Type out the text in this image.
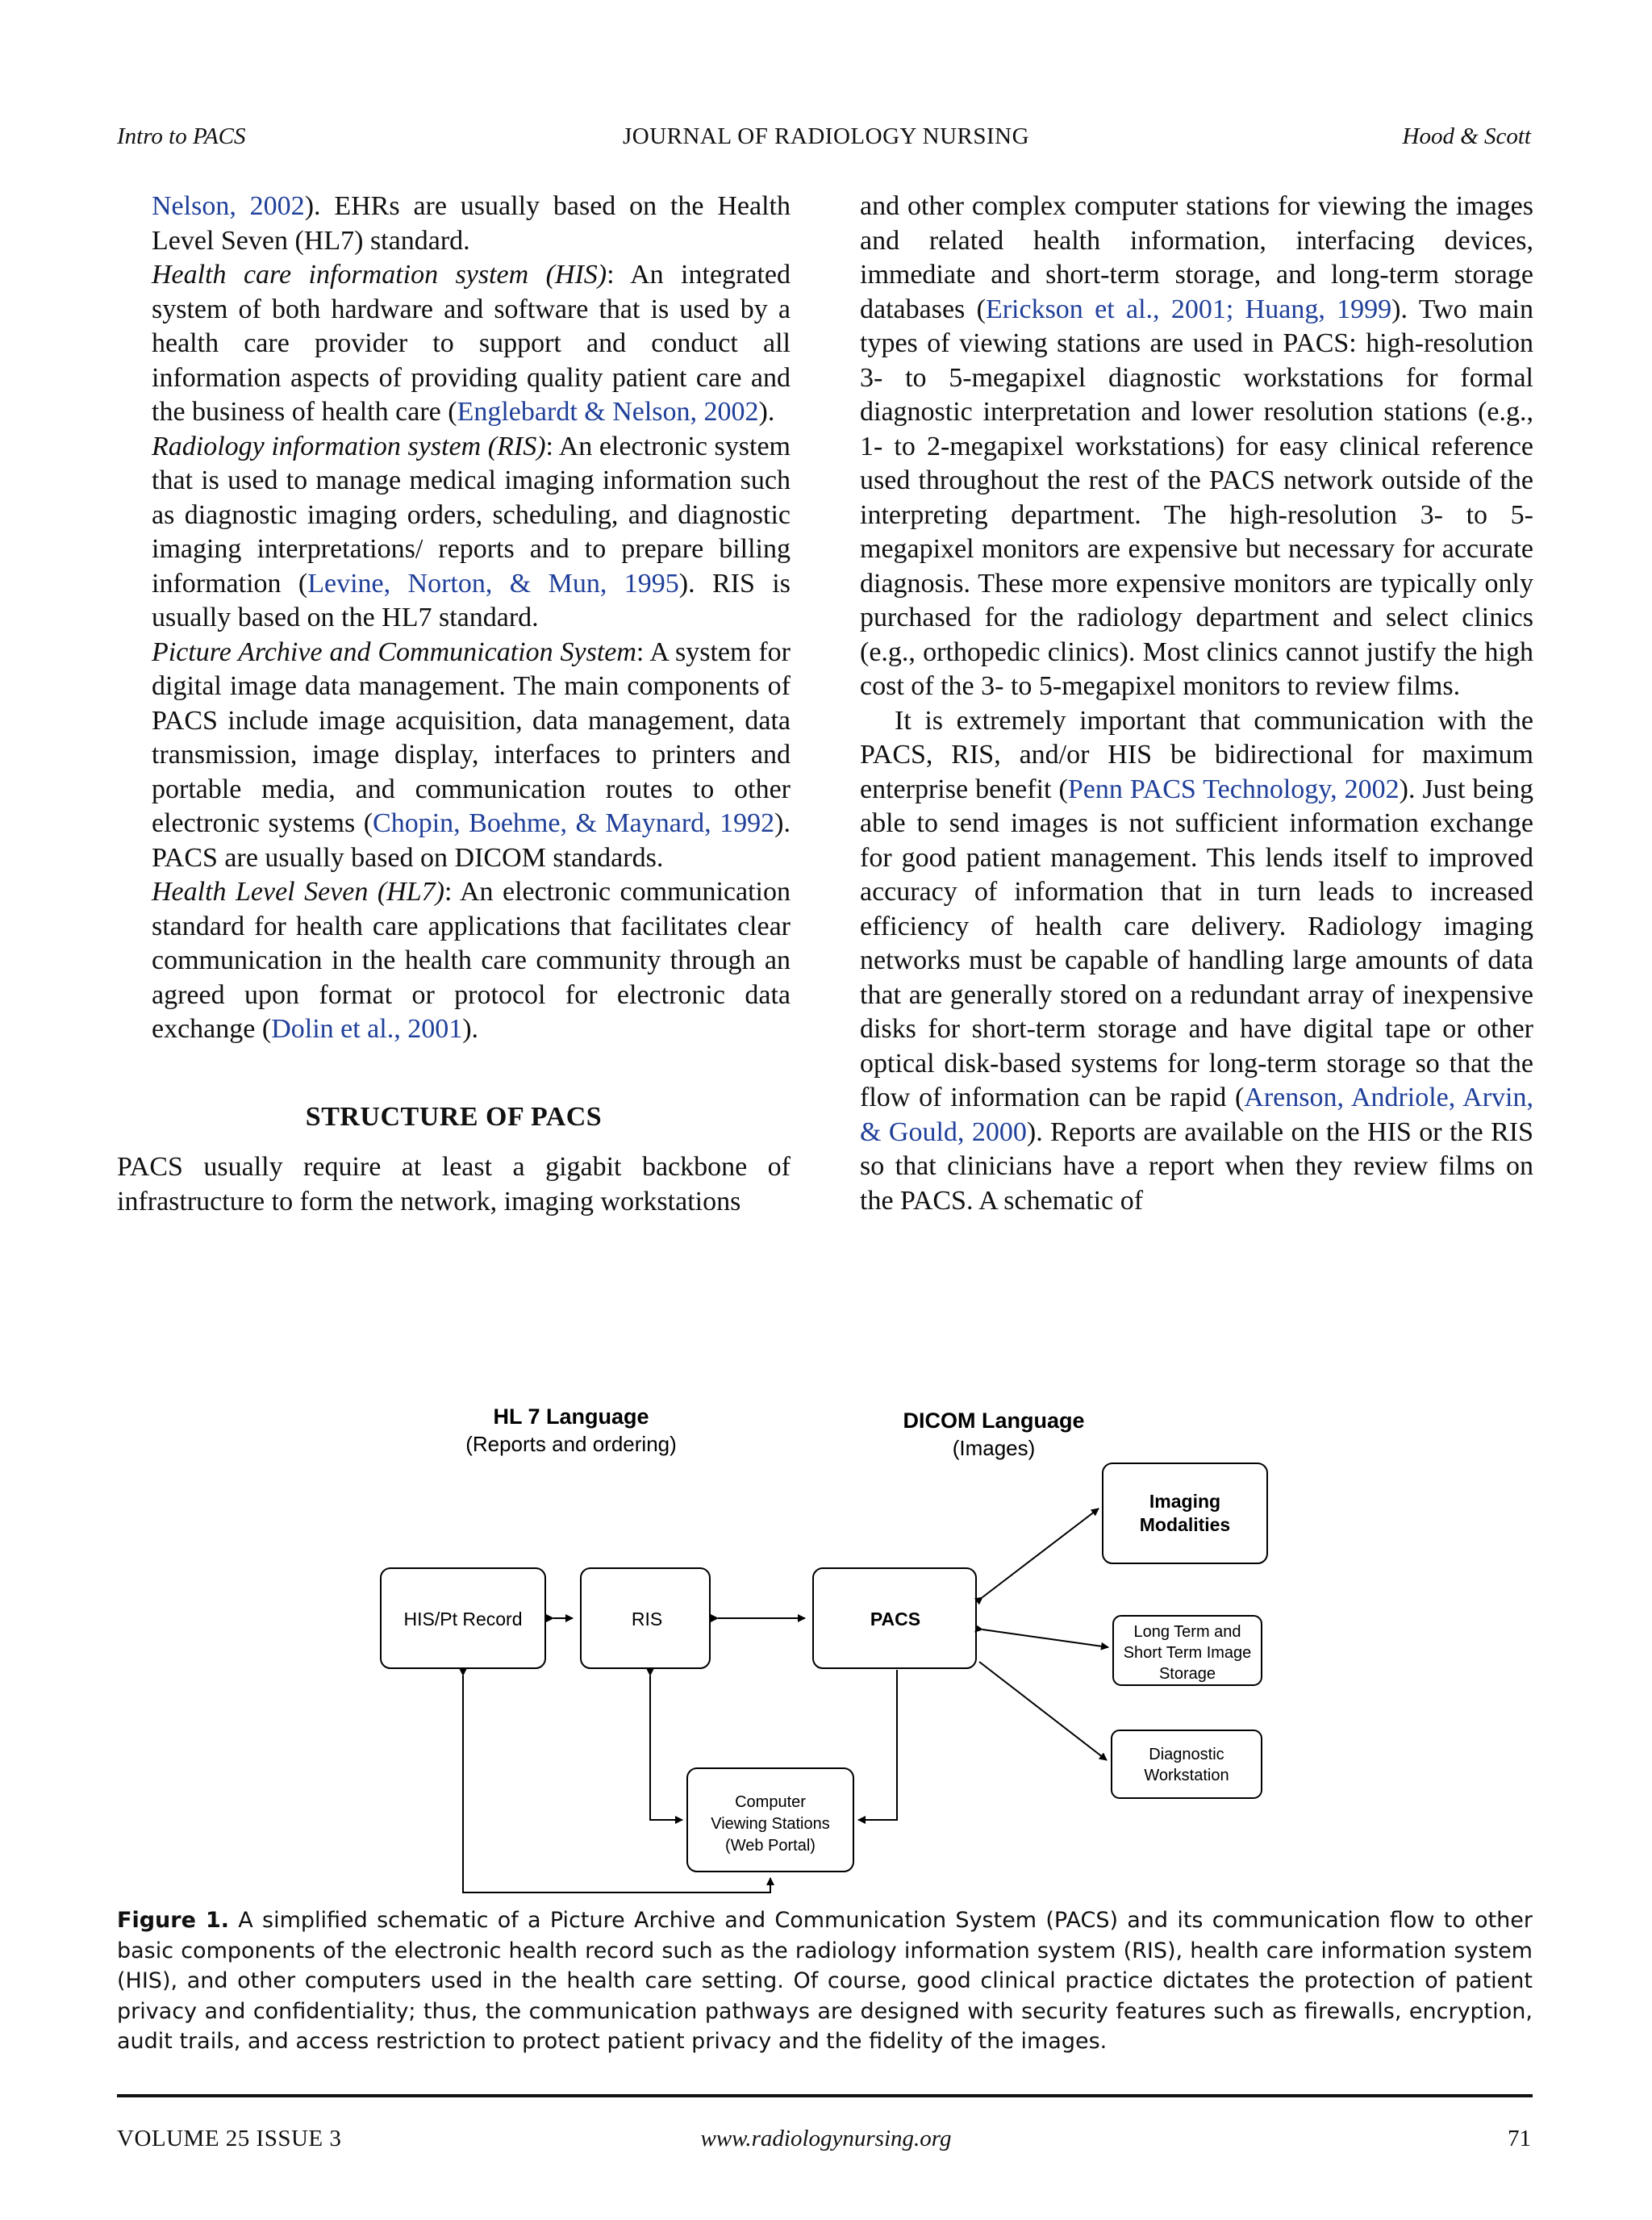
Intro to PACS	JOURNAL OF RADIOLOGY NURSING	Hood & Scott

Nelson, 2002). EHRs are usually based on the Health Level Seven (HL7) standard.

Health care information system (HIS): An integrated system of both hardware and software that is used by a health care provider to support and conduct all information aspects of providing quality patient care and the business of health care (Englebardt & Nelson, 2002).

Radiology information system (RIS): An electronic system that is used to manage medical imaging information such as diagnostic imaging orders, scheduling, and diagnostic imaging interpretations/ reports and to prepare billing information (Levine, Norton, & Mun, 1995). RIS is usually based on the HL7 standard.

Picture Archive and Communication System: A system for digital image data management. The main components of PACS include image acquisition, data management, data transmission, image display, interfaces to printers and portable media, and communication routes to other electronic systems (Chopin, Boehme, & Maynard, 1992). PACS are usually based on DICOM standards.

Health Level Seven (HL7): An electronic communication standard for health care applications that facilitates clear communication in the health care community through an agreed upon format or protocol for electronic data exchange (Dolin et al., 2001).

STRUCTURE OF PACS

PACS usually require at least a gigabit backbone of infrastructure to form the network, imaging workstations

and other complex computer stations for viewing the images and related health information, interfacing devices, immediate and short-term storage, and long-term storage databases (Erickson et al., 2001; Huang, 1999). Two main types of viewing stations are used in PACS: high-resolution 3- to 5-megapixel diagnostic workstations for formal diagnostic interpretation and lower resolution stations (e.g., 1- to 2-megapixel workstations) for easy clinical reference used throughout the rest of the PACS network outside of the interpreting department. The high-resolution 3- to 5-megapixel monitors are expensive but necessary for accurate diagnosis. These more expensive monitors are typically only purchased for the radiology department and select clinics (e.g., orthopedic clinics). Most clinics cannot justify the high cost of the 3- to 5-megapixel monitors to review films.

It is extremely important that communication with the PACS, RIS, and/or HIS be bidirectional for maximum enterprise benefit (Penn PACS Technology, 2002). Just being able to send images is not sufficient information exchange for good patient management. This lends itself to improved accuracy of information that in turn leads to increased efficiency of health care delivery. Radiology imaging networks must be capable of handling large amounts of data that are generally stored on a redundant array of inexpensive disks for short-term storage and have digital tape or other optical disk-based systems for long-term storage so that the flow of information can be rapid (Arenson, Andriole, Arvin, & Gould, 2000). Reports are available on the HIS or the RIS so that clinicians have a report when they review films on the PACS. A schematic of

HL 7 Language
(Reports and ordering)
DICOM Language
(Images)
HIS/Pt Record	RIS	PACS
Imaging
Modalities
Long Term and
Short Term Image
Storage
Diagnostic
Workstation
Computer
Viewing Stations
(Web Portal)
Figure 1. A simplified schematic of a Picture Archive and Communication System (PACS) and its communication flow to other basic components of the electronic health record such as the radiology information system (RIS), health care information system (HIS), and other computers used in the health care setting. Of course, good clinical practice dictates the protection of patient privacy and confidentiality; thus, the communication pathways are designed with security features such as firewalls, encryption, audit trails, and access restriction to protect patient privacy and the fidelity of the images.
VOLUME 25 ISSUE 3	www.radiologynursing.org	71
